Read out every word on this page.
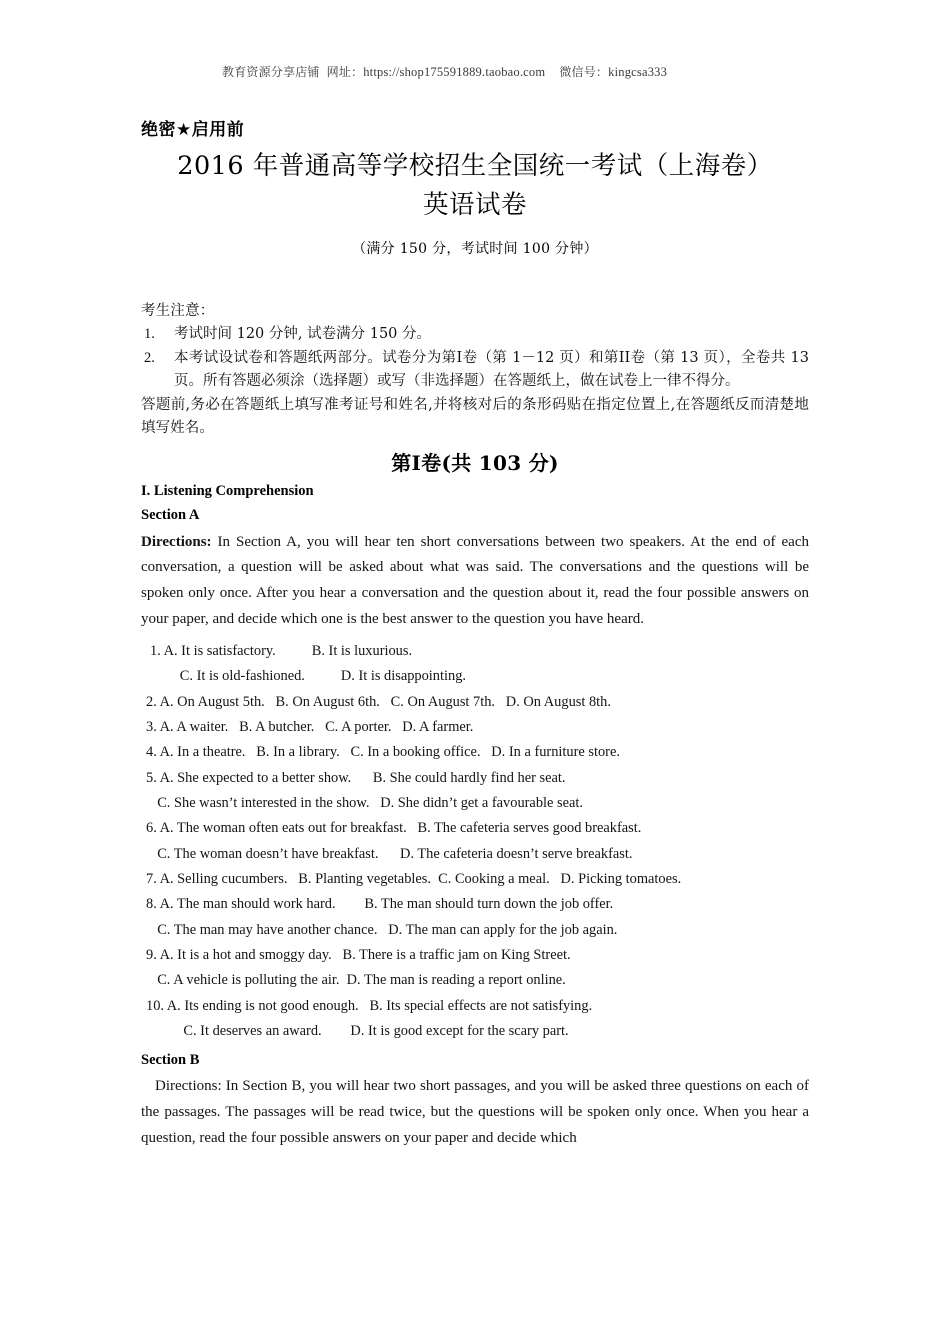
教育资源分享店铺 网址：https://shop175591889.taobao.com 微信号：kingcsa333
绝密★启用前
2016 年普通高等学校招生全国统一考试（上海卷）
英语试卷
（满分 150 分，考试时间 100 分钟）

考生注意：

1.	考试时间 120 分钟, 试卷满分 150 分。
2.	本考试设试卷和答题纸两部分。试卷分为第I卷（第 1－12 页）和第II卷（第 13 页），全卷共 13 页。所有答题必须涂（选择题）或写（非选择题）在答题纸上，做在试卷上一律不得分。

答题前,务必在答题纸上填写准考证号和姓名,并将核对后的条形码贴在指定位置上,在答题纸反而清楚地填写姓名。

第I卷(共 103 分)
I. Listening Comprehension
Section A

Directions: In Section A, you will hear ten short conversations between two speakers. At the end of each conversation, a question will be asked about what was said. The conversations and the questions will be spoken only once. After you hear a conversation and the question about it, read the four possible answers on your paper, and decide which one is the best answer to the question you have heard.

1. A. It is satisfactory.          B. It is luxurious.
C. It is old-fashioned.          D. It is disappointing.
2. A. On August 5th.   B. On August 6th.   C. On August 7th.   D. On August 8th.
3. A. A waiter.   B. A butcher.   C. A porter.   D. A farmer.
4. A. In a theatre.   B. In a library.   C. In a booking office.   D. In a furniture store.
5. A. She expected to a better show.      B. She could hardly find her seat.
C. She wasn’t interested in the show.   D. She didn’t get a favourable seat.
6. A. The woman often eats out for breakfast.   B. The cafeteria serves good breakfast.
C. The woman doesn’t have breakfast.      D. The cafeteria doesn’t serve breakfast.
7. A. Selling cucumbers.   B. Planting vegetables.  C. Cooking a meal.   D. Picking tomatoes.
8. A. The man should work hard.        B. The man should turn down the job offer.
C. The man may have another chance.   D. The man can apply for the job again.
9. A. It is a hot and smoggy day.   B. There is a traffic jam on King Street.
C. A vehicle is polluting the air.  D. The man is reading a report online.
10. A. Its ending is not good enough.   B. Its special effects are not satisfying.
C. It deserves an award.        D. It is good except for the scary part.
Section B

Directions: In Section B, you will hear two short passages, and you will be asked three questions on each of the passages. The passages will be read twice, but the questions will be spoken only once. When you hear a question, read the four possible answers on your paper and decide which
